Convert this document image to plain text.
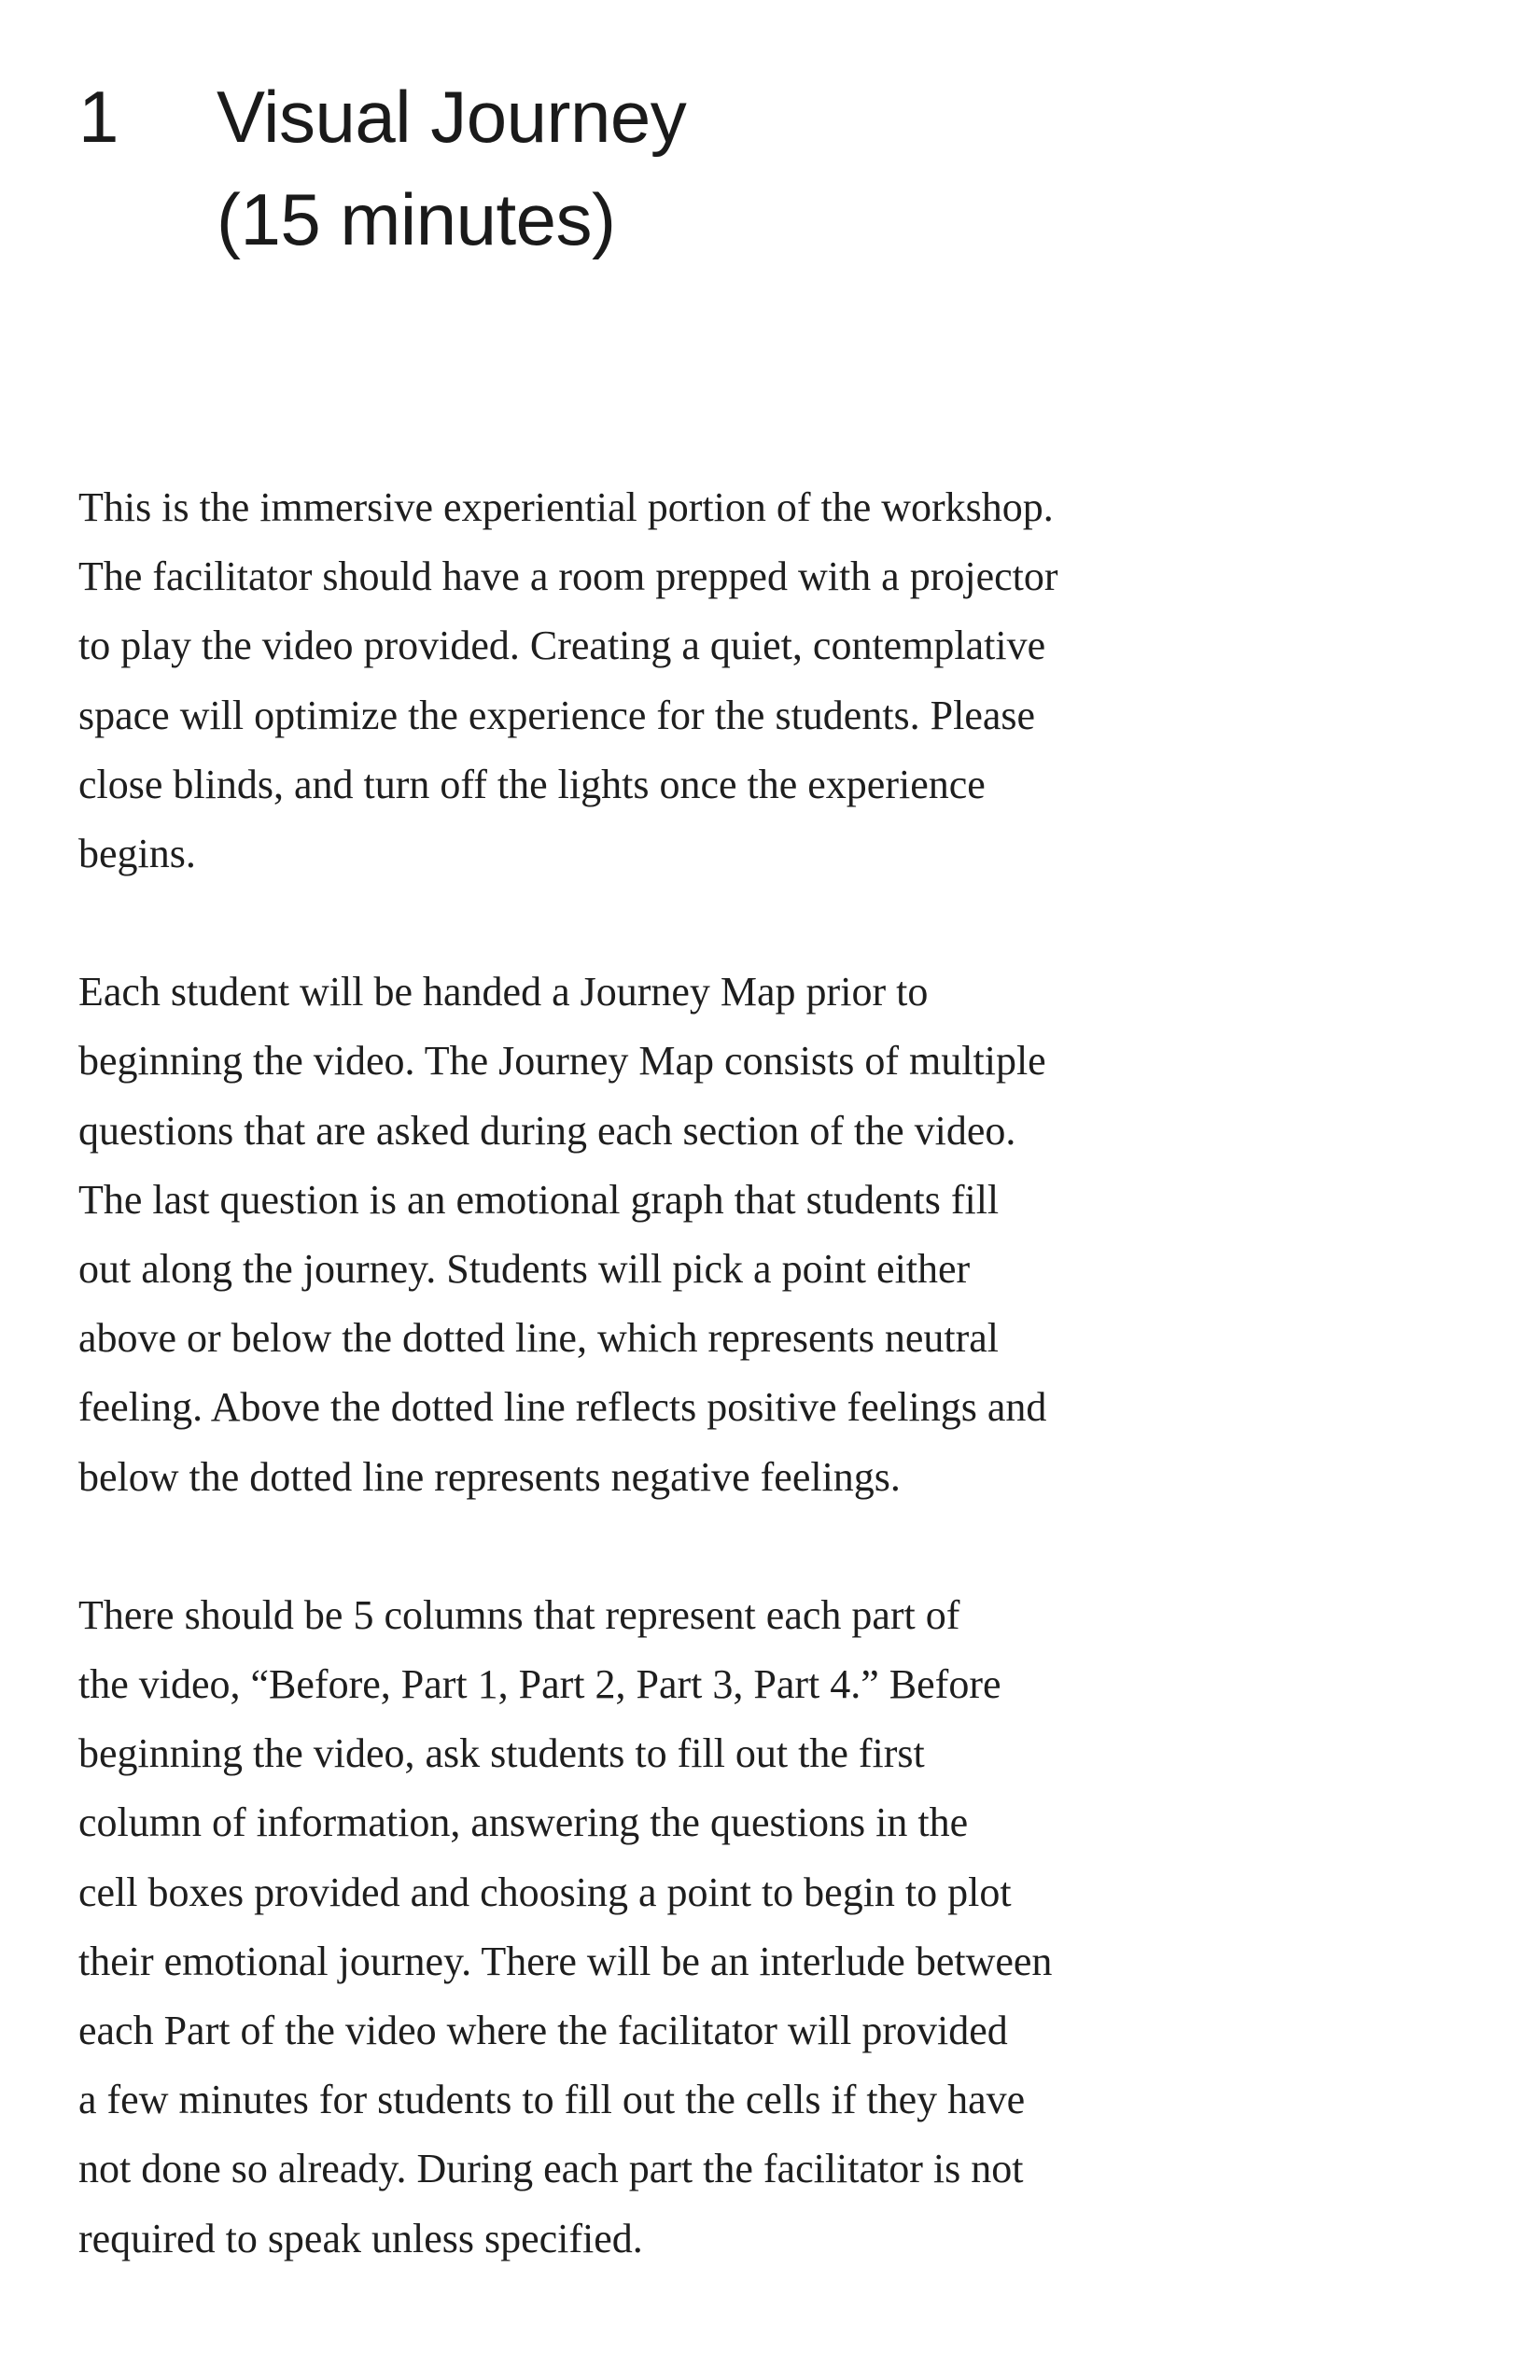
1	Visual Journey
(15 minutes)

This is the immersive experiential portion of the workshop.
The facilitator should have a room prepped with a projector
to play the video provided. Creating a quiet, contemplative
space will optimize the experience for the students. Please
close blinds, and turn off the lights once the experience
begins.

Each student will be handed a Journey Map prior to
beginning the video. The Journey Map consists of multiple
questions that are asked during each section of the video.
The last question is an emotional graph that students fill
out along the journey. Students will pick a point either
above or below the dotted line, which represents neutral
feeling. Above the dotted line reflects positive feelings and
below the dotted line represents negative feelings.

There should be 5 columns that represent each part of
the video, “Before, Part 1, Part 2, Part 3, Part 4.” Before
beginning the video, ask students to fill out the first
column of information, answering the questions in the
cell boxes provided and choosing a point to begin to plot
their emotional journey. There will be an interlude between
each Part of the video where the facilitator will provided
a few minutes for students to fill out the cells if they have
not done so already. During each part the facilitator is not
required to speak unless specified.
